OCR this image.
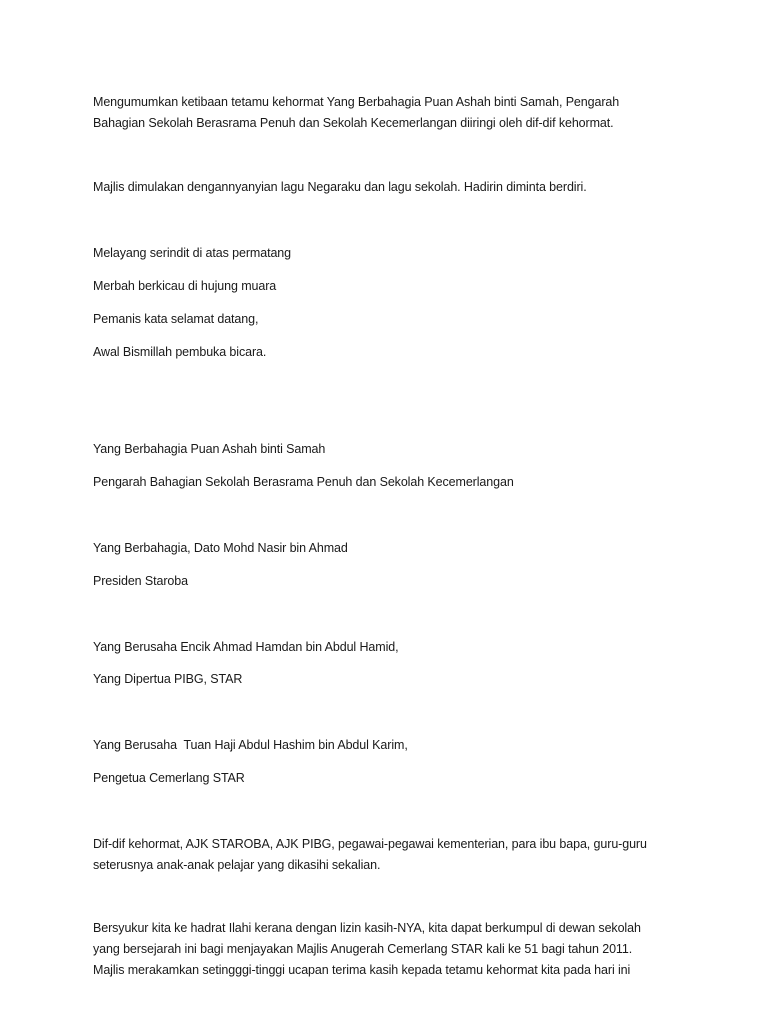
Mengumumkan ketibaan tetamu kehormat Yang Berbahagia Puan Ashah binti Samah, Pengarah
Bahagian Sekolah Berasrama Penuh dan Sekolah Kecemerlangan diiringi oleh dif-dif kehormat.
Majlis dimulakan dengannyanyian lagu Negaraku dan lagu sekolah. Hadirin diminta berdiri.
Melayang serindit di atas permatang
Merbah berkicau di hujung muara
Pemanis kata selamat datang,
Awal Bismillah pembuka bicara.
Yang Berbahagia Puan Ashah binti Samah
Pengarah Bahagian Sekolah Berasrama Penuh dan Sekolah Kecemerlangan
Yang Berbahagia, Dato Mohd Nasir bin Ahmad
Presiden Staroba
Yang Berusaha Encik Ahmad Hamdan bin Abdul Hamid,
Yang Dipertua PIBG, STAR
Yang Berusaha  Tuan Haji Abdul Hashim bin Abdul Karim,
Pengetua Cemerlang STAR
Dif-dif kehormat, AJK STAROBA, AJK PIBG, pegawai-pegawai kementerian, para ibu bapa, guru-guru
seterusnya anak-anak pelajar yang dikasihi sekalian.
Bersyukur kita ke hadrat Ilahi kerana dengan lizin kasih-NYA, kita dapat berkumpul di dewan sekolah
yang bersejarah ini bagi menjayakan Majlis Anugerah Cemerlang STAR kali ke 51 bagi tahun 2011.
Majlis merakamkan setingggi-tinggi ucapan terima kasih kepada tetamu kehormat kita pada hari ini
